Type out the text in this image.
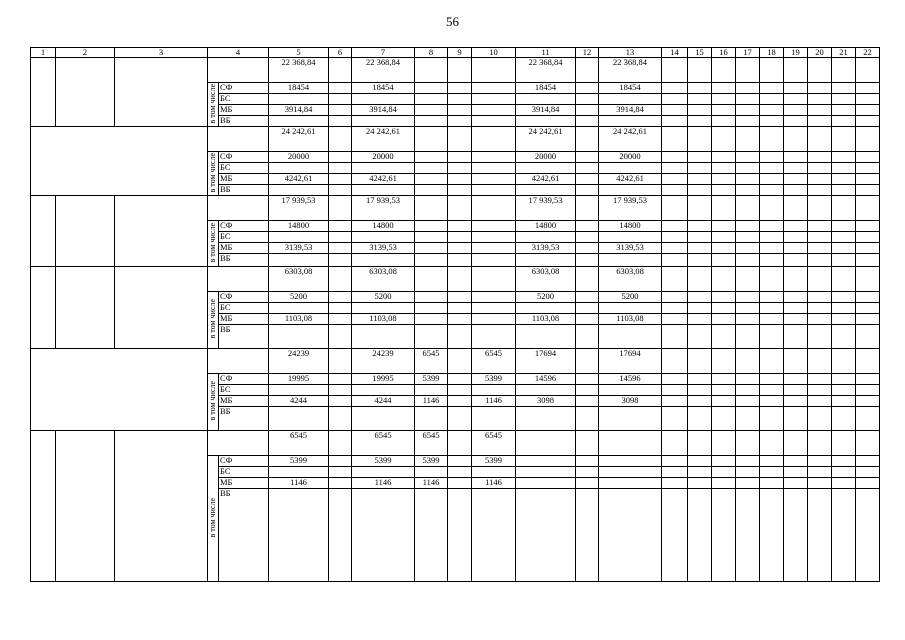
56
1	2	3	4		5	6	7	8	9	10	11	12	13	14	15	16	17	18	19	20	21	22
					22 368,84		22 368,84				22 368,84		22 368,84									
			в том числе	СФ	18454		18454				18454		18454									
				БС																		
				МБ	3914,84		3914,84				3914,84		3914,84									
				ВБ																		
					24 242,61		24 242,61				24 242,61		24 242,61									
			в том числе	СФ	20000		20000				20000		20000									
				БС																		
				МБ	4242,61		4242,61				4242,61		4242,61									
				ВБ																		
					17 939,53		17 939,53				17 939,53		17 939,53									
			в том числе	СФ	14800		14800				14800		14800									
				БС																		
				МБ	3139,53		3139,53				3139,53		3139,53									
				ВБ																		
					6303,08		6303,08				6303,08		6303,08									
			в том числе	СФ	5200		5200				5200		5200									
				БС																		
				МБ	1103,08		1103,08				1103,08		1103,08									
				ВБ																		
					24239		24239	6545		6545	17694		17694									
			в том числе	СФ	19995		19995	5399		5399	14596		14596									
				БС																		
				МБ	4244		4244	1146		1146	3098		3098									
				ВБ																		
					6545		6545	6545		6545												
			в том числе	СФ	5399		5399	5399		5399												
				БС																		
				МБ	1146		1146	1146		1146												
				ВБ																		
